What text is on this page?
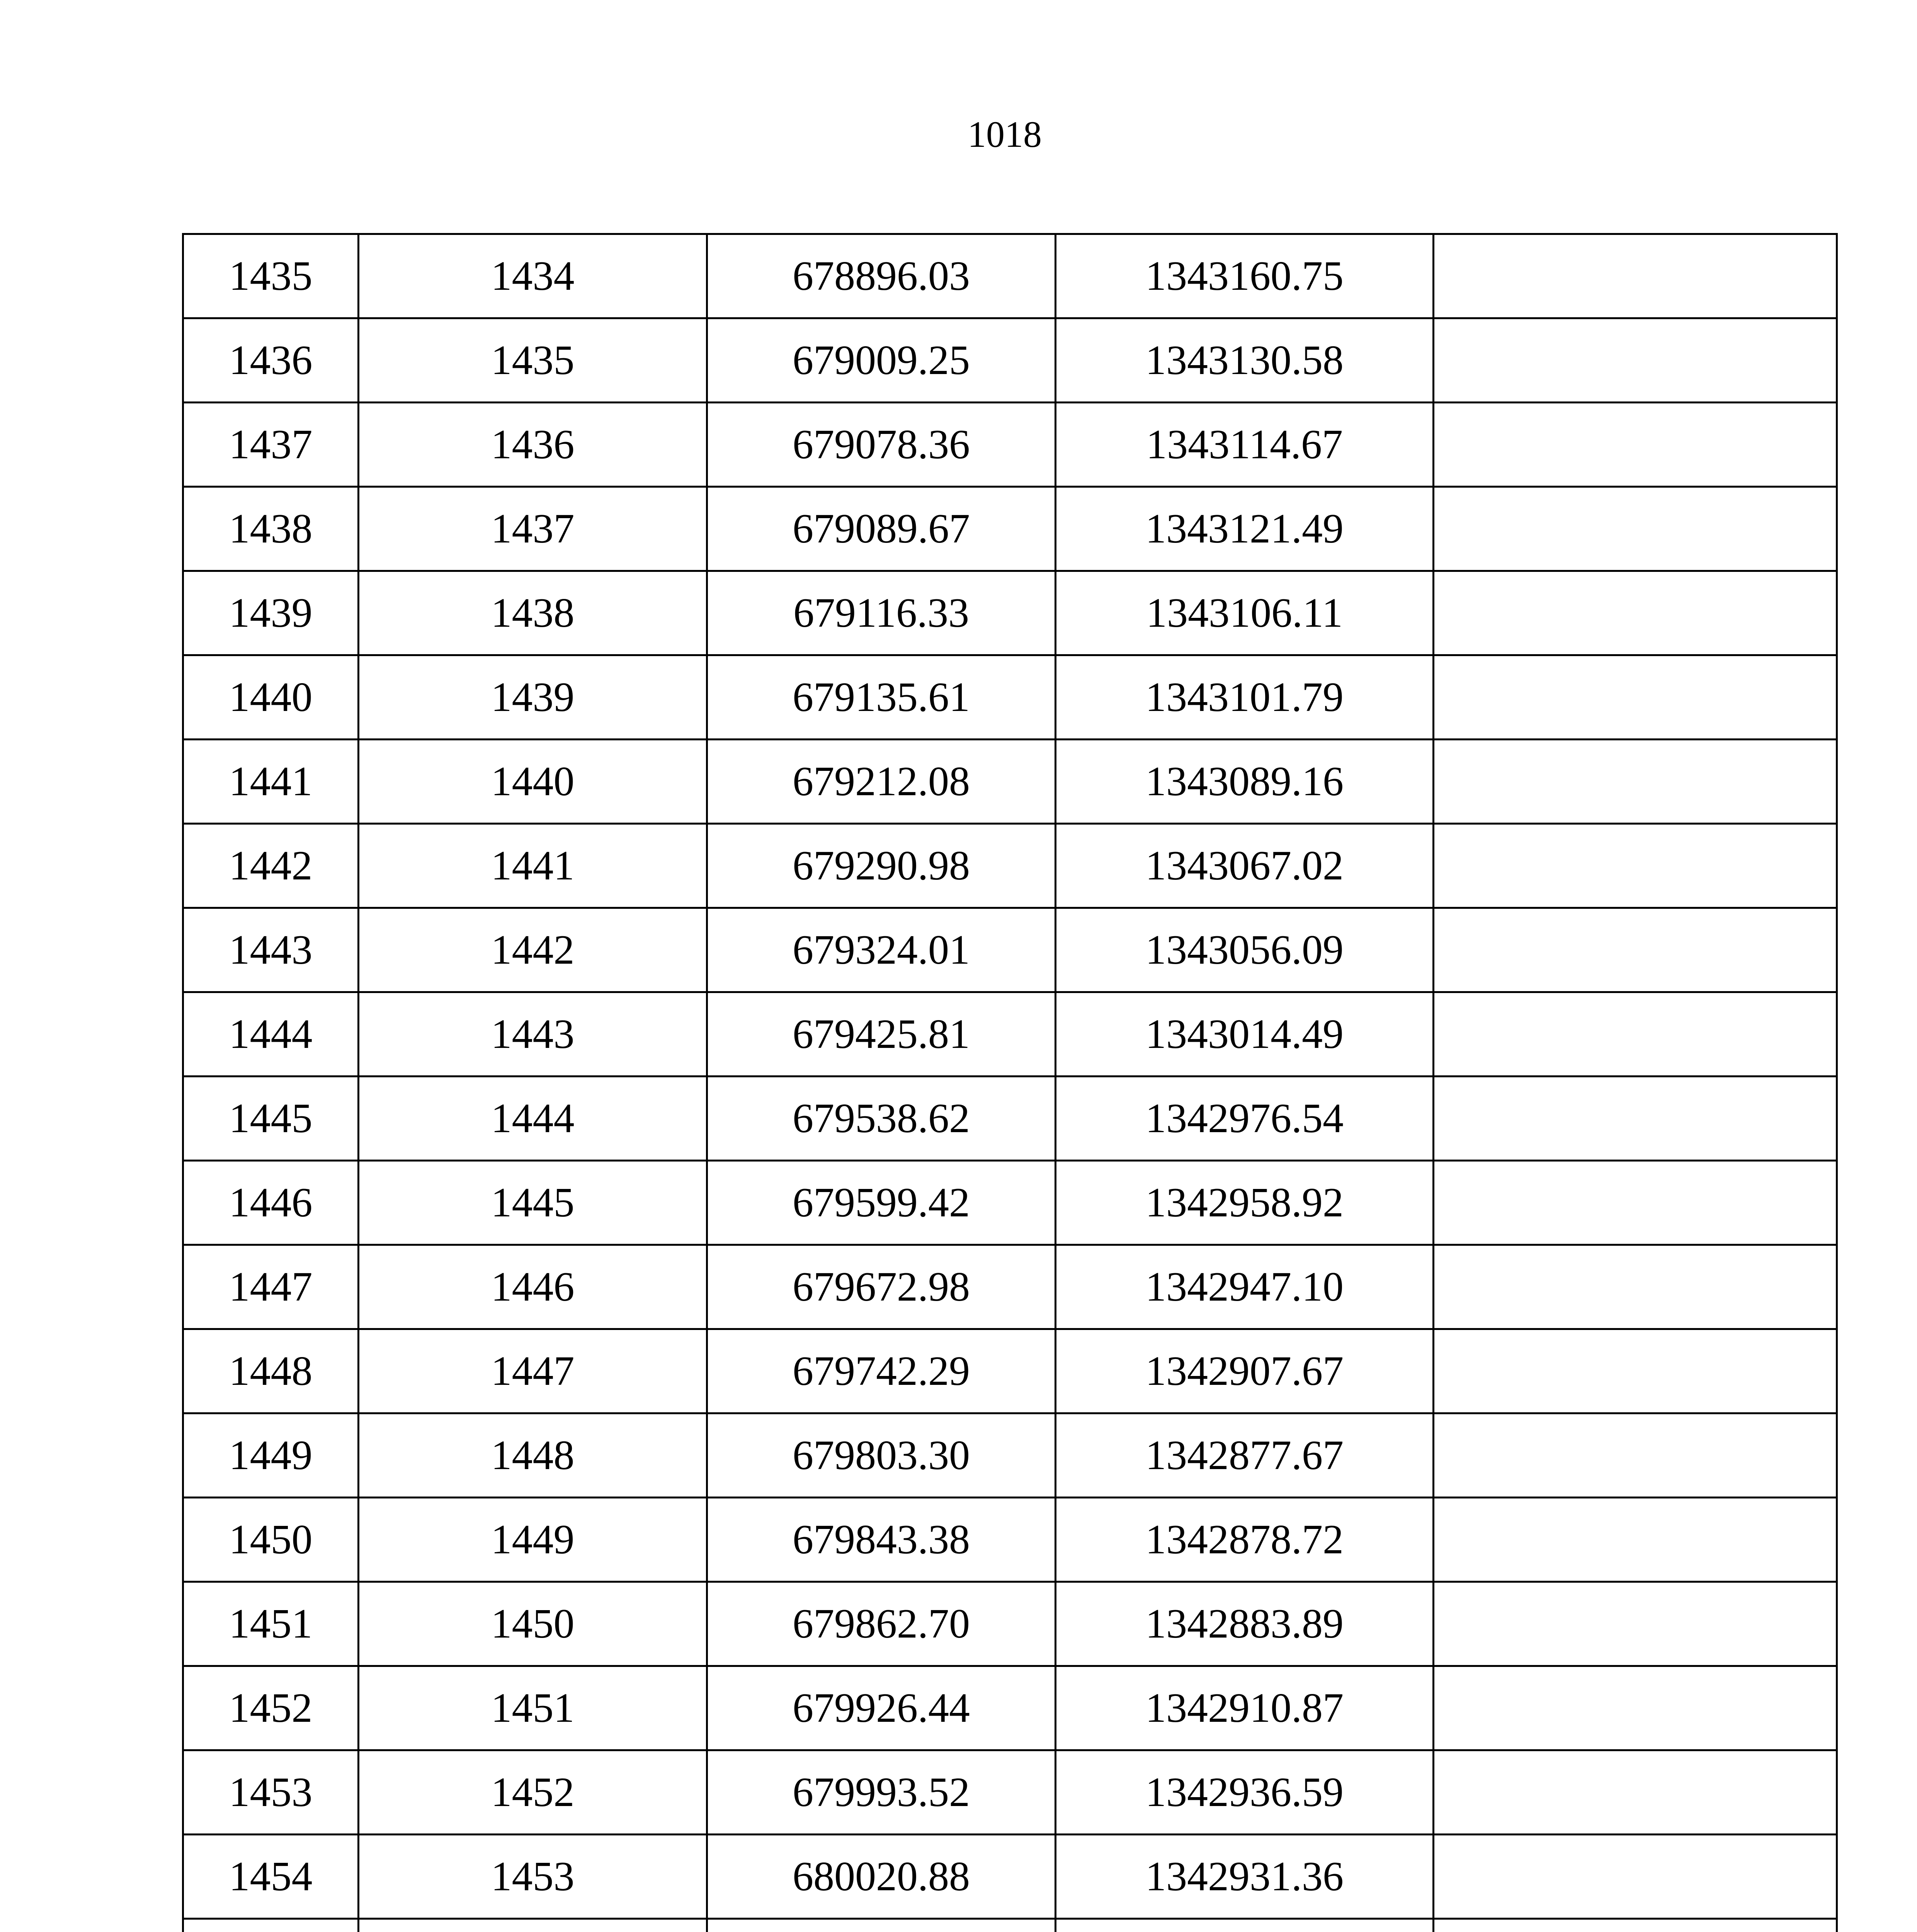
1018
1435	1434	678896.03	1343160.75	
1436	1435	679009.25	1343130.58	
1437	1436	679078.36	1343114.67	
1438	1437	679089.67	1343121.49	
1439	1438	679116.33	1343106.11	
1440	1439	679135.61	1343101.79	
1441	1440	679212.08	1343089.16	
1442	1441	679290.98	1343067.02	
1443	1442	679324.01	1343056.09	
1444	1443	679425.81	1343014.49	
1445	1444	679538.62	1342976.54	
1446	1445	679599.42	1342958.92	
1447	1446	679672.98	1342947.10	
1448	1447	679742.29	1342907.67	
1449	1448	679803.30	1342877.67	
1450	1449	679843.38	1342878.72	
1451	1450	679862.70	1342883.89	
1452	1451	679926.44	1342910.87	
1453	1452	679993.52	1342936.59	
1454	1453	680020.88	1342931.36	
